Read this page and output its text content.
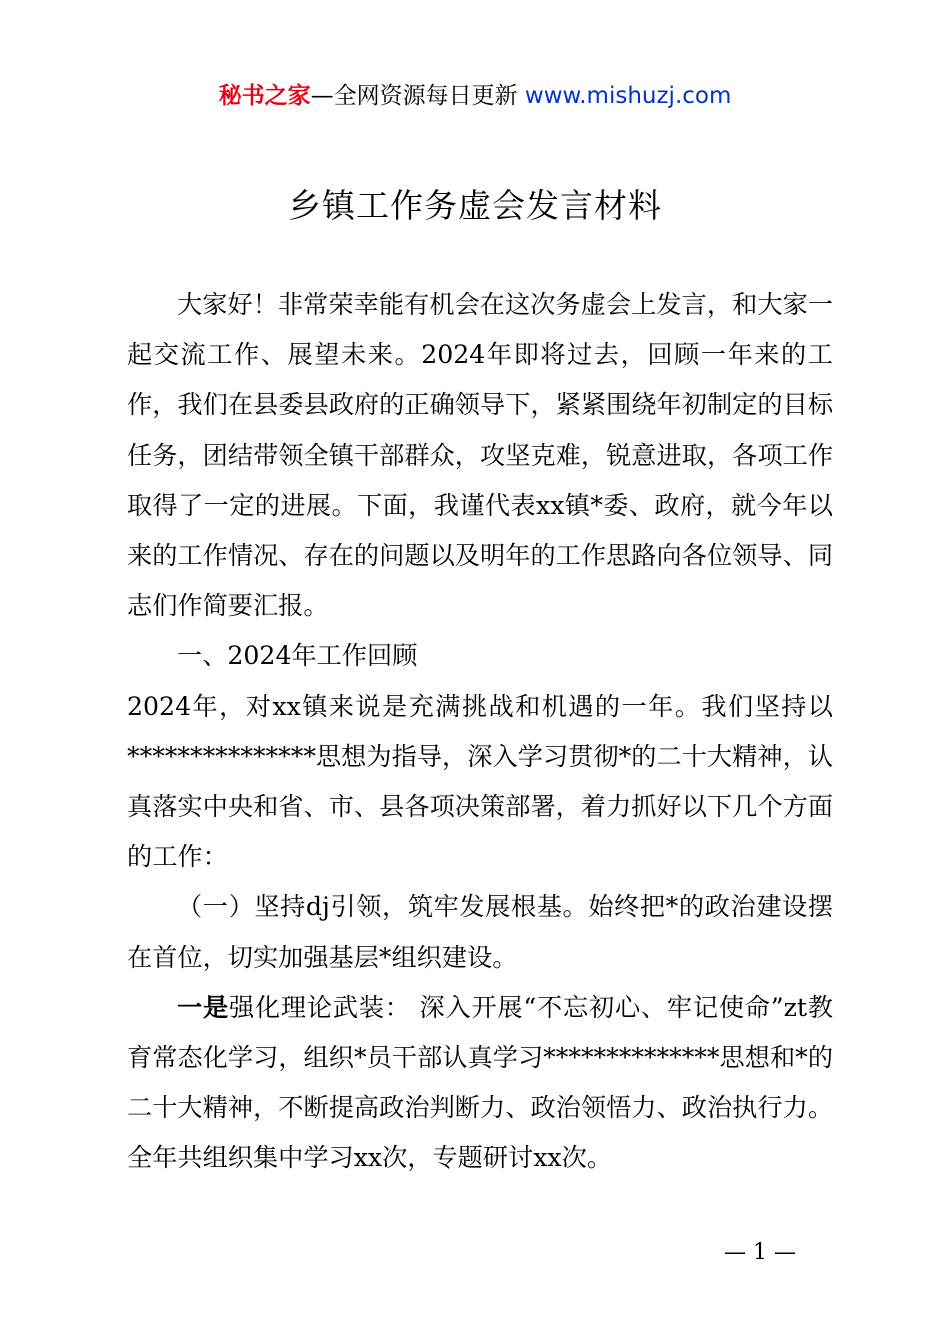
秘书之家—全网资源每日更新 www.mishuzj.com
乡镇工作务虚会发言材料

大家好！非常荣幸能有机会在这次务虚会上发言，和大家一起交流工作、展望未来。2024年即将过去，回顾一年来的工作，我们在县委县政府的正确领导下，紧紧围绕年初制定的目标任务，团结带领全镇干部群众，攻坚克难，锐意进取，各项工作取得了一定的进展。下面，我谨代表xx镇*委、政府，就今年以来的工作情况、存在的问题以及明年的工作思路向各位领导、同志们作简要汇报。

一、2024年工作回顾

2024年，对xx镇来说是充满挑战和机遇的一年。我们坚持以***************思想为指导，深入学习贯彻*的二十大精神，认真落实中央和省、市、县各项决策部署，着力抓好以下几个方面的工作：

（一）坚持dj引领，筑牢发展根基。始终把*的政治建设摆在首位，切实加强基层*组织建设。

一是强化理论武装： 深入开展“不忘初心、牢记使命”zt教育常态化学习，组织*员干部认真学习**************思想和*的二十大精神，不断提高政治判断力、政治领悟力、政治执行力。全年共组织集中学习xx次，专题研讨xx次。

— 1 —
